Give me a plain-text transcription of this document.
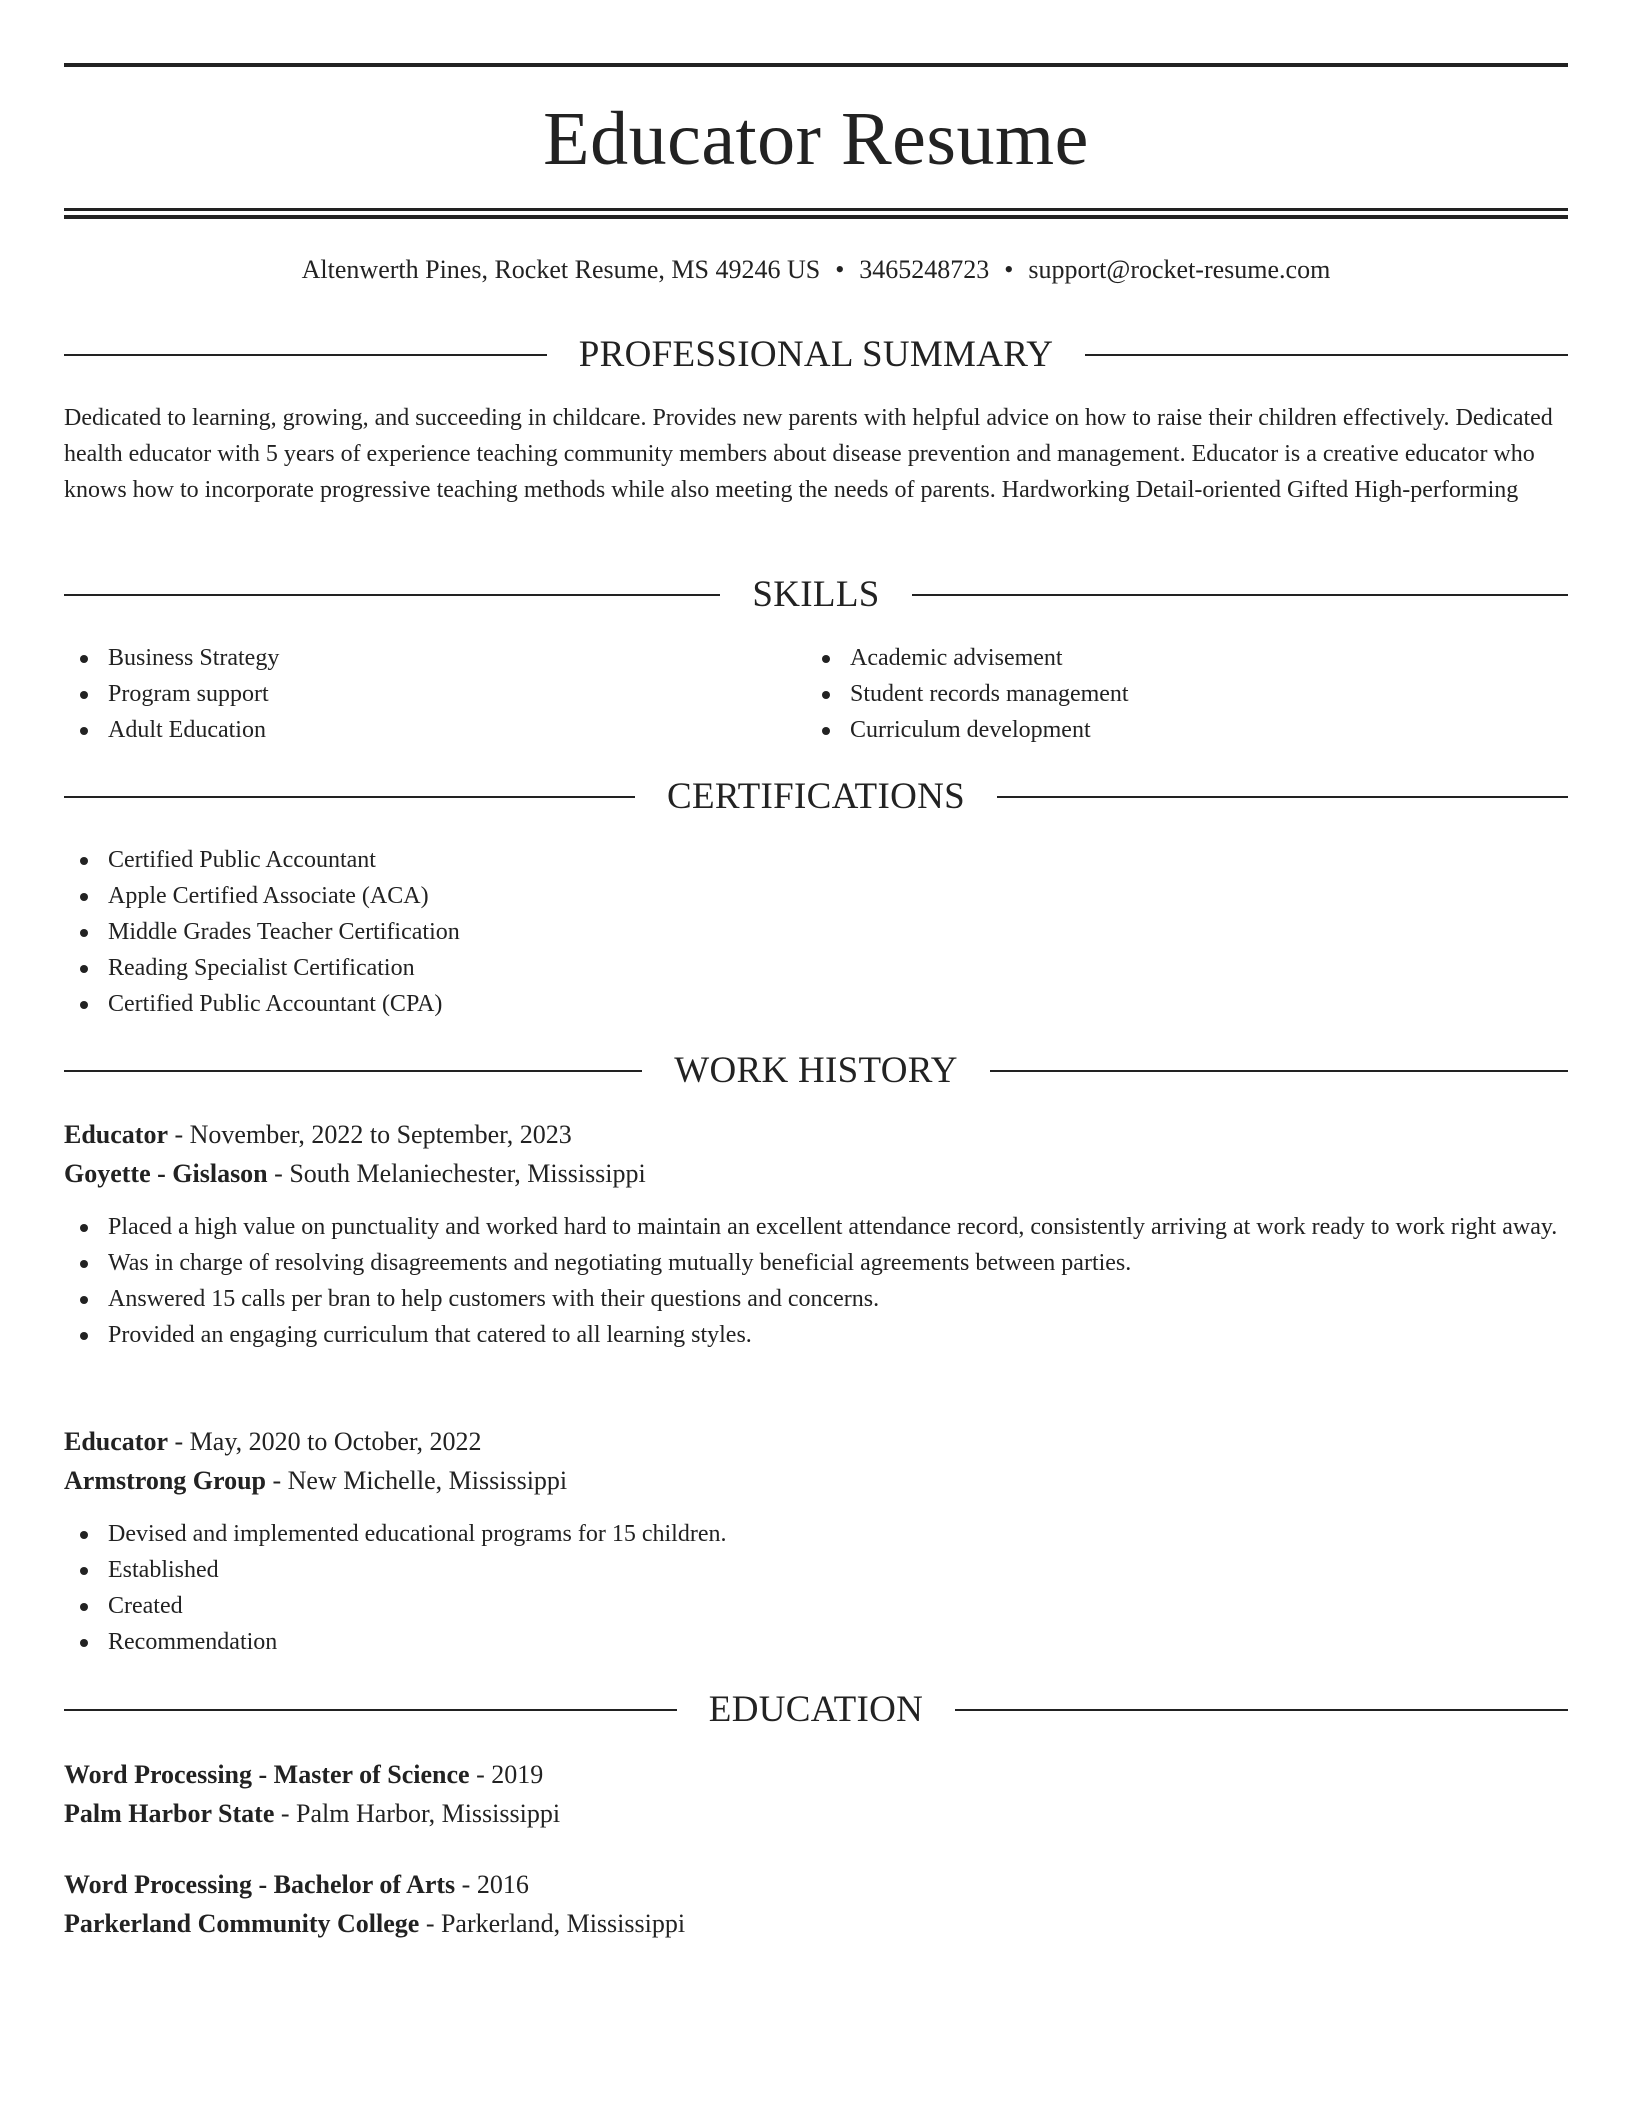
Educator Resume
Altenwerth Pines, Rocket Resume, MS 49246 US • 3465248723 • support@rocket-resume.com
PROFESSIONAL SUMMARY
Dedicated to learning, growing, and succeeding in childcare. Provides new parents with helpful advice on how to raise their children effectively. Dedicated health educator with 5 years of experience teaching community members about disease prevention and management. Educator is a creative educator who knows how to incorporate progressive teaching methods while also meeting the needs of parents. Hardworking Detail-oriented Gifted High-performing
SKILLS
Business Strategy
Program support
Adult Education
Academic advisement
Student records management
Curriculum development
CERTIFICATIONS
Certified Public Accountant
Apple Certified Associate (ACA)
Middle Grades Teacher Certification
Reading Specialist Certification
Certified Public Accountant (CPA)
WORK HISTORY
Educator - November, 2022 to September, 2023
Goyette - Gislason - South Melaniechester, Mississippi
Placed a high value on punctuality and worked hard to maintain an excellent attendance record, consistently arriving at work ready to work right away.
Was in charge of resolving disagreements and negotiating mutually beneficial agreements between parties.
Answered 15 calls per bran to help customers with their questions and concerns.
Provided an engaging curriculum that catered to all learning styles.
Educator - May, 2020 to October, 2022
Armstrong Group - New Michelle, Mississippi
Devised and implemented educational programs for 15 children.
Established
Created
Recommendation
EDUCATION
Word Processing - Master of Science - 2019
Palm Harbor State - Palm Harbor, Mississippi
Word Processing - Bachelor of Arts - 2016
Parkerland Community College - Parkerland, Mississippi
